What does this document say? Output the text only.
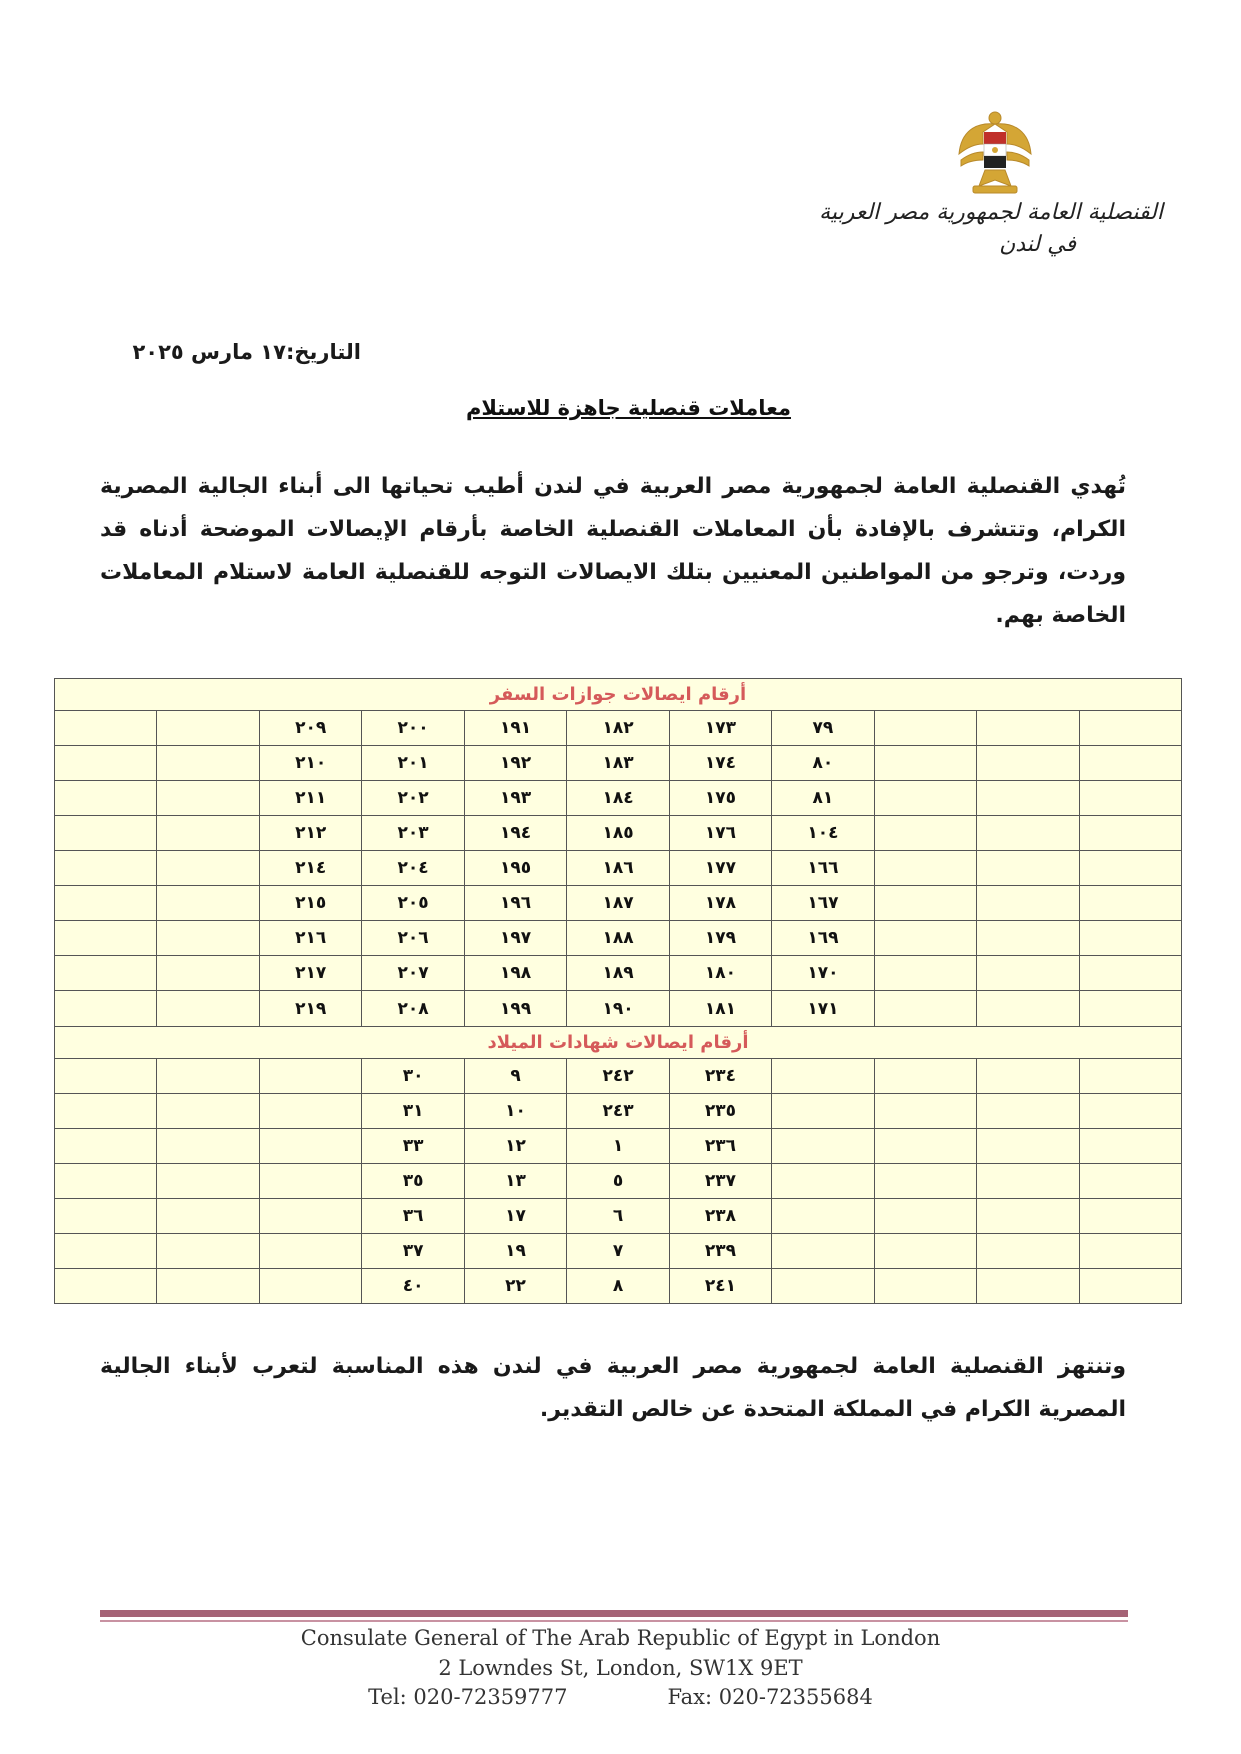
القنصلية العامة لجمهورية مصر العربية
في لندن
التاريخ:١٧ مارس ٢٠٢٥
معاملات قنصلية جاهزة للاستلام
تُهدي القنصلية العامة لجمهورية مصر العربية في لندن أطيب تحياتها الى أبناء الجالية المصرية الكرام، وتتشرف بالإفادة بأن المعاملات القنصلية الخاصة بأرقام الإيصالات الموضحة أدناه قد وردت، وترجو من المواطنين المعنيين بتلك الايصالات التوجه للقنصلية العامة لاستلام المعاملات الخاصة بهم.
أرقام ايصالات جوازات السفر										
			٧٩	١٧٣	١٨٢	١٩١	٢٠٠	٢٠٩		
			٨٠	١٧٤	١٨٣	١٩٢	٢٠١	٢١٠		
			٨١	١٧٥	١٨٤	١٩٣	٢٠٢	٢١١		
			١٠٤	١٧٦	١٨٥	١٩٤	٢٠٣	٢١٢		
			١٦٦	١٧٧	١٨٦	١٩٥	٢٠٤	٢١٤		
			١٦٧	١٧٨	١٨٧	١٩٦	٢٠٥	٢١٥		
			١٦٩	١٧٩	١٨٨	١٩٧	٢٠٦	٢١٦		
			١٧٠	١٨٠	١٨٩	١٩٨	٢٠٧	٢١٧		
			١٧١	١٨١	١٩٠	١٩٩	٢٠٨	٢١٩		
أرقام ايصالات شهادات الميلاد										
				٢٣٤	٢٤٢	٩	٣٠			
				٢٣٥	٢٤٣	١٠	٣١			
				٢٣٦	١	١٢	٣٣			
				٢٣٧	٥	١٣	٣٥			
				٢٣٨	٦	١٧	٣٦			
				٢٣٩	٧	١٩	٣٧			
				٢٤١	٨	٢٢	٤٠			
وتنتهز القنصلية العامة لجمهورية مصر العربية في لندن هذه المناسبة لتعرب لأبناء الجالية المصرية الكرام في المملكة المتحدة عن خالص التقدير.
Consulate General of The Arab Republic of Egypt in London
2 Lowndes St, London, SW1X 9ET
Tel: 020-72359777	Fax: 020-72355684
